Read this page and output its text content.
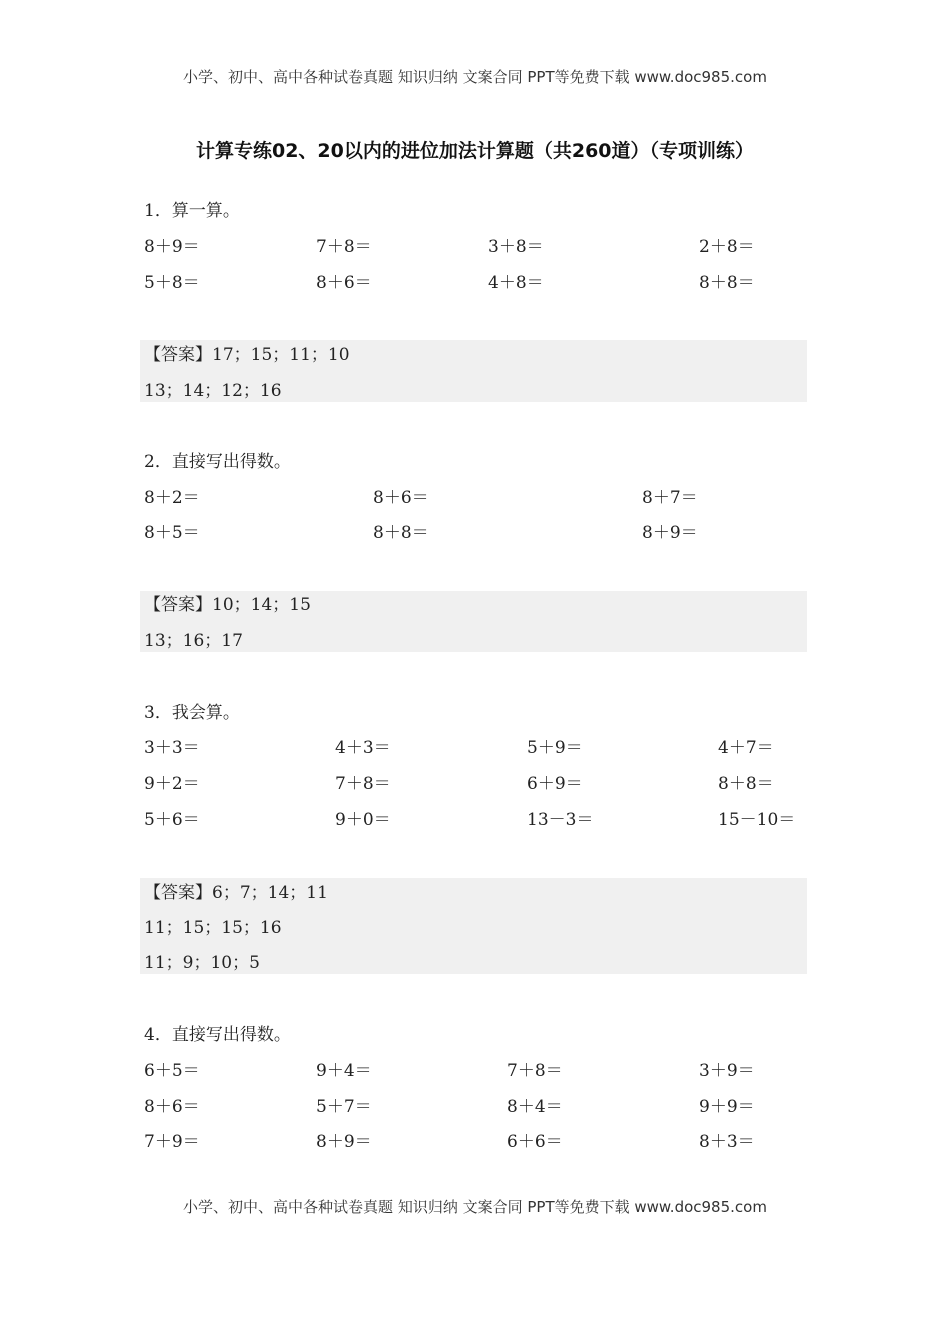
小学、初中、高中各种试卷真题 知识归纳 文案合同 PPT等免费下载 www.doc985.com
计算专练02、20以内的进位加法计算题（共260道）（专项训练）
1．算一算。
8＋9＝	7＋8＝	3＋8＝	2＋8＝
5＋8＝	8＋6＝	4＋8＝	8＋8＝
【答案】17；15；11；10
13；14；12；16
2．直接写出得数。
8＋2＝	8＋6＝	8＋7＝
8＋5＝	8＋8＝	8＋9＝
【答案】10；14；15
13；16；17
3．我会算。
3＋3＝	4＋3＝	5＋9＝	4＋7＝
9＋2＝	7＋8＝	6＋9＝	8＋8＝
5＋6＝	9＋0＝	13－3＝	15－10＝
【答案】6；7；14；11
11；15；15；16
11；9；10；5
4．直接写出得数。
6＋5＝	9＋4＝	7＋8＝	3＋9＝
8＋6＝	5＋7＝	8＋4＝	9＋9＝
7＋9＝	8＋9＝	6＋6＝	8＋3＝
小学、初中、高中各种试卷真题 知识归纳 文案合同 PPT等免费下载 www.doc985.com
